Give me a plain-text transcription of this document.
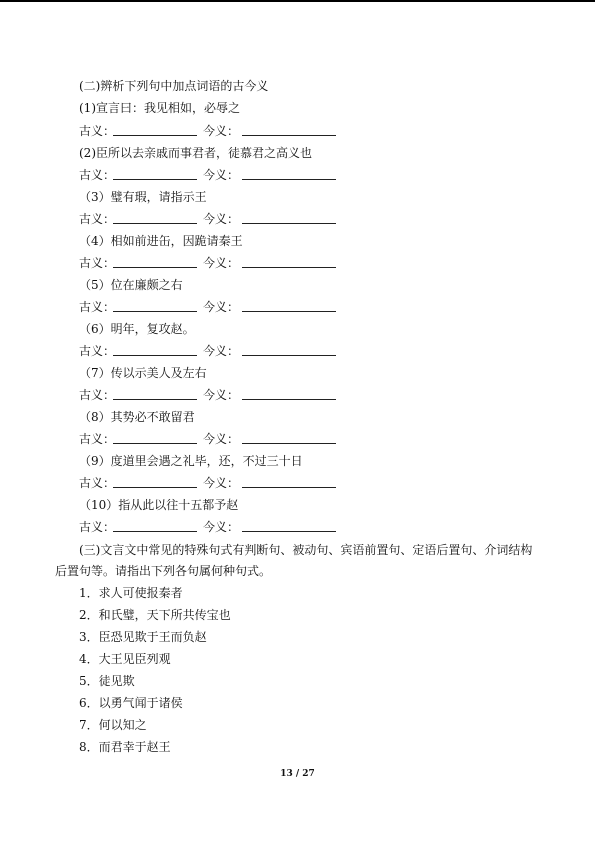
(二)辨析下列句中加点词语的古今义
(1)宣言曰：我见相如，必辱之
古义：	今义：
(2)臣所以去亲戚而事君者，徒慕君之高义也
古义：	今义：
（3）璧有瑕，请指示王
古义：	今义：
（4）相如前进缶，因跪请秦王
古义：	今义：
（5）位在廉颇之右
古义：	今义：
（6）明年，复攻赵。
古义：	今义：
（7）传以示美人及左右
古义：	今义：
（8）其势必不敢留君
古义：	今义：
（9）度道里会遇之礼毕，还，不过三十日
古义：	今义：
（10）指从此以往十五都予赵
古义：	今义：
(三)文言文中常见的特殊句式有判断句、被动句、宾语前置句、定语后置句、介词结构
后置句等。请指出下列各句属何种句式。
1．求人可使报秦者
2．和氏璧，天下所共传宝也
3．臣恐见欺于王而负赵
4．大王见臣列观
5．徒见欺
6．以勇气闻于诸侯
7．何以知之
8．而君幸于赵王
13 / 27
